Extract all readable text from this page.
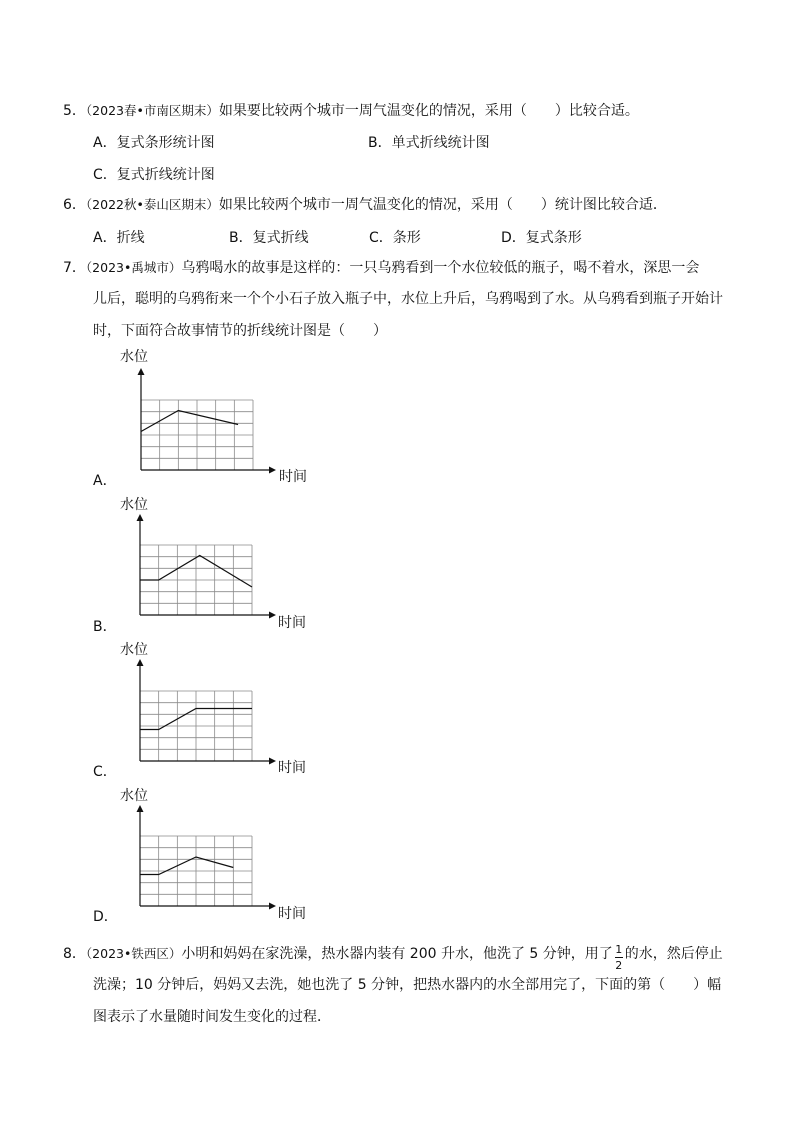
5．（2023春•市南区期末）如果要比较两个城市一周气温变化的情况，采用（　　）比较合适。
A．复式条形统计图	B．单式折线统计图
C．复式折线统计图
6．（2022秋•泰山区期末）如果比较两个城市一周气温变化的情况，采用（　　）统计图比较合适．
A．折线	B．复式折线	C．条形	D．复式条形
7．（2023•禹城市）乌鸦喝水的故事是这样的：一只乌鸦看到一个水位较低的瓶子，喝不着水，深思一会
儿后，聪明的乌鸦衔来一个个小石子放入瓶子中，水位上升后，乌鸦喝到了水。从乌鸦看到瓶子开始计
时，下面符合故事情节的折线统计图是（　　）
水位
时间
A．
水位
时间
B．
水位
时间
C．
水位
时间
D．
8．（2023•铁西区）小明和妈妈在家洗澡，热水器内装有 200 升水，他洗了 5 分钟，用了
$\frac{1}{2}$
的水，然后停止
洗澡；10 分钟后，妈妈又去洗，她也洗了 5 分钟，把热水器内的水全部用完了，下面的第（　　）幅
图表示了水量随时间发生变化的过程．
